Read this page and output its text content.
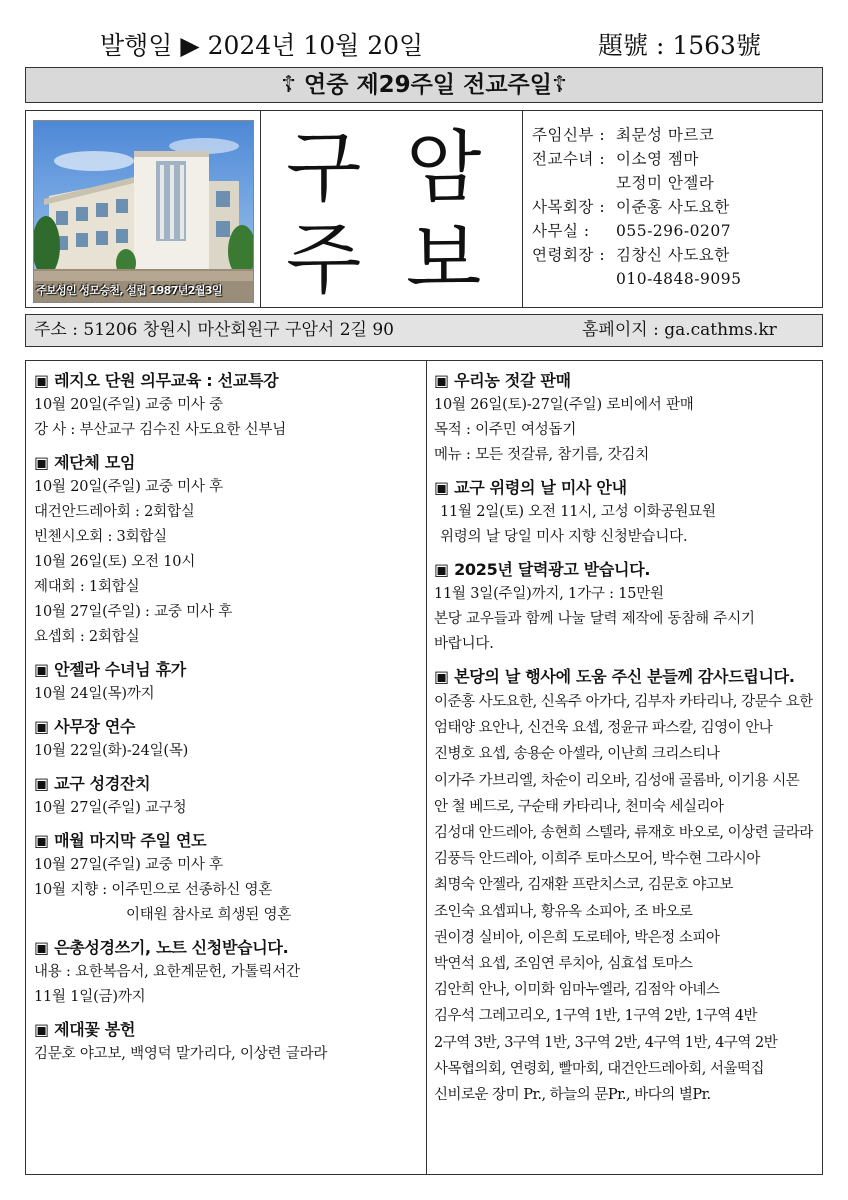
발행일 ▶ 2024년 10월 20일	題號 : 1563號
☦ 연중 제29주일 전교주일☦
주보성인 성모승천, 설립 1987년2월3일
구 암
주 보
주임신부 : 최문성 마르코
전교수녀 : 이소영 젬마
모정미 안젤라
사목회장 : 이준홍 사도요한
사무실 : 055-296-0207
연령회장 : 김창신 사도요한
010-4848-9095
주소 : 51206 창원시 마산회원구 구암서 2길 90	홈페이지 : ga.cathms.kr
▣ 레지오 단원 의무교육 : 선교특강
10월 20일(주일) 교중 미사 중
강 사 : 부산교구 김수진 사도요한 신부님
▣ 제단체 모임
10월 20일(주일) 교중 미사 후
대건안드레아회 : 2회합실
빈첸시오회 : 3회합실
10월 26일(토) 오전 10시
제대회 : 1회합실
10월 27일(주일) : 교중 미사 후
요셉회 : 2회합실
▣ 안젤라 수녀님 휴가
10월 24일(목)까지
▣ 사무장 연수
10월 22일(화)-24일(목)
▣ 교구 성경잔치
10월 27일(주일) 교구청
▣ 매월 마지막 주일 연도
10월 27일(주일) 교중 미사 후
10월 지향 : 이주민으로 선종하신 영혼
이태원 참사로 희생된 영혼
▣ 은총성경쓰기, 노트 신청받습니다.
내용 : 요한복음서, 요한계문헌, 가톨릭서간
11월 1일(금)까지
▣ 제대꽃 봉헌
김문호 야고보, 백영덕 말가리다, 이상련 글라라
▣ 우리농 젓갈 판매
10월 26일(토)-27일(주일) 로비에서 판매
목적 : 이주민 여성돕기
메뉴 : 모든 젓갈류, 참기름, 갓김치
▣ 교구 위령의 날 미사 안내
11월 2일(토) 오전 11시, 고성 이화공원묘원
위령의 날 당일 미사 지향 신청받습니다.
▣ 2025년 달력광고 받습니다.
11월 3일(주일)까지, 1가구 : 15만원
본당 교우들과 함께 나눌 달력 제작에 동참해 주시기
바랍니다.
▣ 본당의 날 행사에 도움 주신 분들께 감사드립니다.
이준홍 사도요한, 신옥주 아가다, 김부자 카타리나, 강문수 요한
엄태양 요안나, 신건욱 요셉, 정윤규 파스칼, 김영이 안나
진병호 요셉, 송용순 아셀라, 이난희 크리스티나
이가주 가브리엘, 차순이 리오바, 김성애 골롬바, 이기용 시몬
안 철 베드로, 구순태 카타리나, 천미숙 세실리아
김성대 안드레아, 송현희 스텔라, 류재호 바오로, 이상련 글라라
김풍득 안드레아, 이희주 토마스모어, 박수현 그라시아
최명숙 안젤라, 김재환 프란치스코, 김문호 야고보
조인숙 요셉피나, 황유옥 소피아, 조 바오로
권이경 실비아, 이은희 도로테아, 박은정 소피아
박연석 요셉, 조임연 루치아, 심효섭 토마스
김안희 안나, 이미화 임마누엘라, 김점악 아녜스
김우석 그레고리오, 1구역 1반, 1구역 2반, 1구역 4반
2구역 3반, 3구역 1반, 3구역 2반, 4구역 1반, 4구역 2반
사목협의회, 연령회, 빨마회, 대건안드레아회, 서울떡집
신비로운 장미 Pr., 하늘의 문Pr., 바다의 별Pr.
